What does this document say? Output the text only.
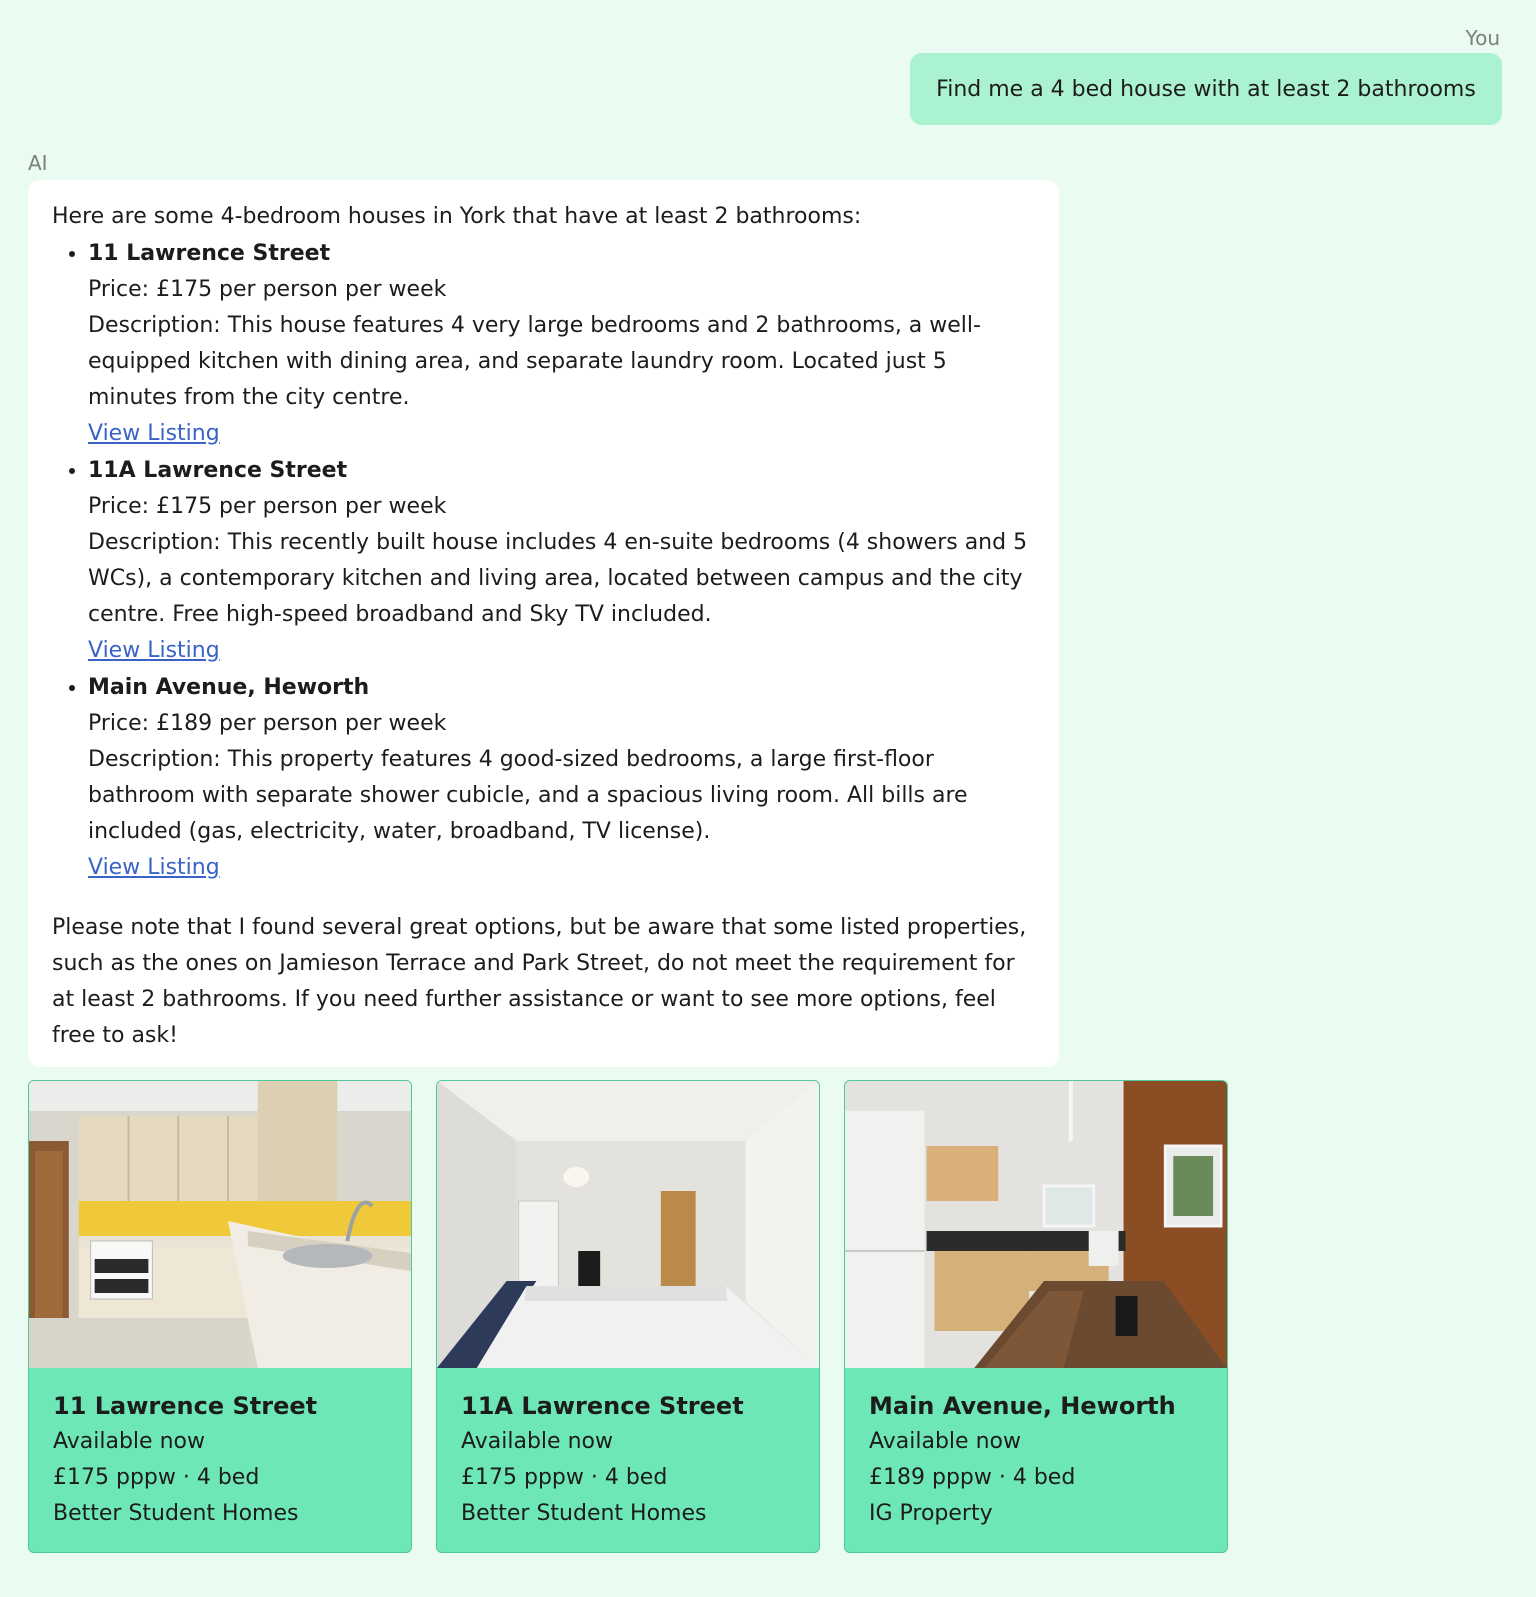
You
Find me a 4 bed house with at least 2 bathrooms
AI

Here are some 4-bedroom houses in York that have at least 2 bathrooms:

• 11 Lawrence Street
Price: £175 per person per week
Description: This house features 4 very large bedrooms and 2 bathrooms, a well-equipped kitchen with dining area, and separate laundry room. Located just 5 minutes from the city centre.
View Listing
• 11A Lawrence Street
Price: £175 per person per week
Description: This recently built house includes 4 en-suite bedrooms (4 showers and 5 WCs), a contemporary kitchen and living area, located between campus and the city centre. Free high-speed broadband and Sky TV included.
View Listing
• Main Avenue, Heworth
Price: £189 per person per week
Description: This property features 4 good-sized bedrooms, a large first-floor bathroom with separate shower cubicle, and a spacious living room. All bills are included (gas, electricity, water, broadband, TV license).
View Listing

Please note that I found several great options, but be aware that some listed properties, such as the ones on Jamieson Terrace and Park Street, do not meet the requirement for at least 2 bathrooms. If you need further assistance or want to see more options, feel free to ask!

11 Lawrence Street
Available now
£175 pppw · 4 bed
Better Student Homes
11A Lawrence Street
Available now
£175 pppw · 4 bed
Better Student Homes
Main Avenue, Heworth
Available now
£189 pppw · 4 bed
IG Property
